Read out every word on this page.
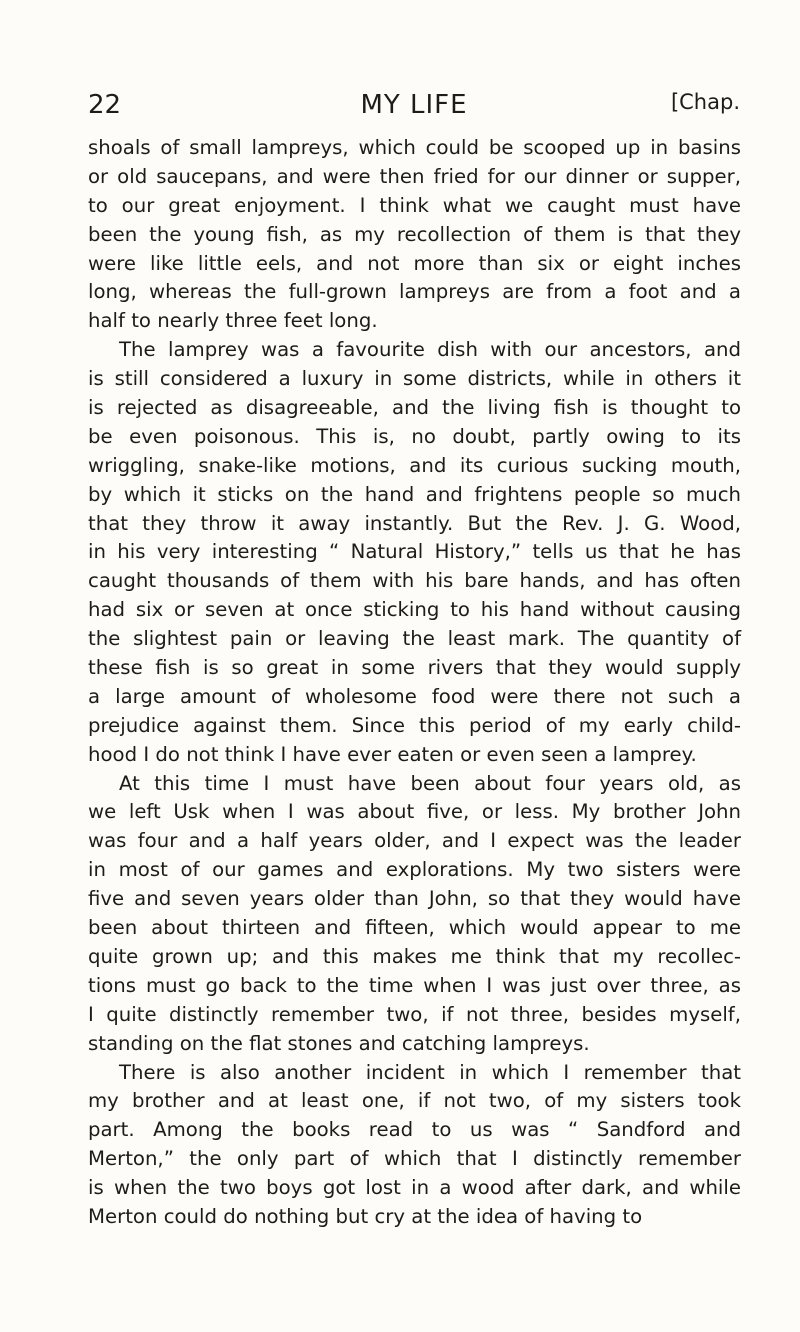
22	MY LIFE	[Chap.
shoals of small lampreys, which could be scooped up in basins
or old saucepans, and were then fried for our dinner or supper,
to our great enjoyment. I think what we caught must have
been the young fish, as my recollection of them is that they
were like little eels, and not more than six or eight inches
long, whereas the full-grown lampreys are from a foot and a
half to nearly three feet long.
The lamprey was a favourite dish with our ancestors, and
is still considered a luxury in some districts, while in others it
is rejected as disagreeable, and the living fish is thought to
be even poisonous. This is, no doubt, partly owing to its
wriggling, snake-like motions, and its curious sucking mouth,
by which it sticks on the hand and frightens people so much
that they throw it away instantly. But the Rev. J. G. Wood,
in his very interesting “ Natural History,” tells us that he has
caught thousands of them with his bare hands, and has often
had six or seven at once sticking to his hand without causing
the slightest pain or leaving the least mark. The quantity of
these fish is so great in some rivers that they would supply
a large amount of wholesome food were there not such a
prejudice against them. Since this period of my early child-
hood I do not think I have ever eaten or even seen a lamprey.
At this time I must have been about four years old, as
we left Usk when I was about five, or less. My brother John
was four and a half years older, and I expect was the leader
in most of our games and explorations. My two sisters were
five and seven years older than John, so that they would have
been about thirteen and fifteen, which would appear to me
quite grown up; and this makes me think that my recollec-
tions must go back to the time when I was just over three, as
I quite distinctly remember two, if not three, besides myself,
standing on the flat stones and catching lampreys.
There is also another incident in which I remember that
my brother and at least one, if not two, of my sisters took
part. Among the books read to us was “ Sandford and
Merton,” the only part of which that I distinctly remember
is when the two boys got lost in a wood after dark, and while
Merton could do nothing but cry at the idea of having to
